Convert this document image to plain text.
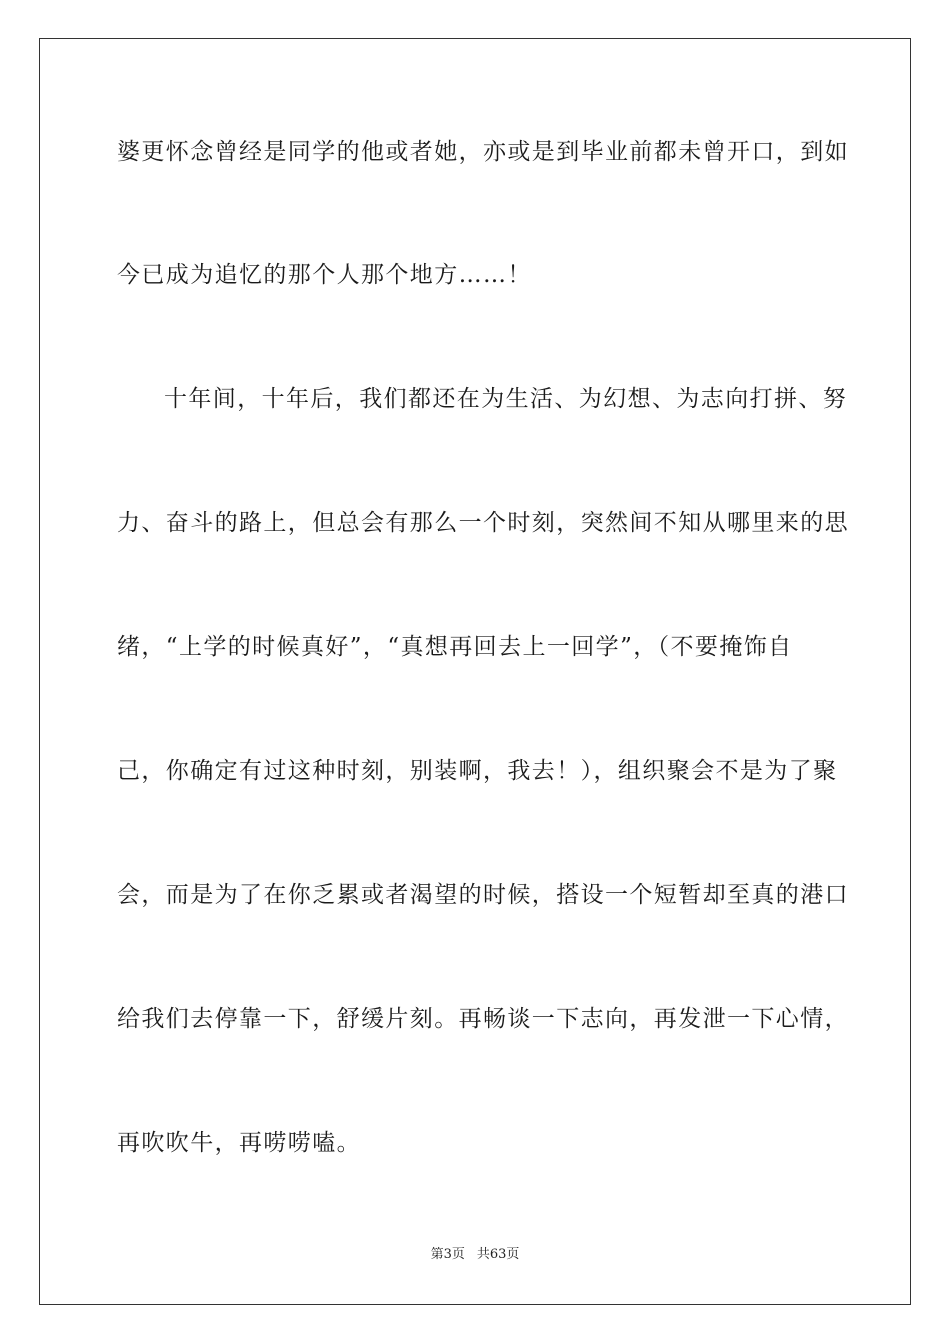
婆更怀念曾经是同学的他或者她，亦或是到毕业前都未曾开口，到如
今已成为追忆的那个人那个地方……！
十年间，十年后，我们都还在为生活、为幻想、为志向打拼、努
力、奋斗的路上，但总会有那么一个时刻，突然间不知从哪里来的思
绪，“上学的时候真好”，“真想再回去上一回学”，（不要掩饰自
己，你确定有过这种时刻，别装啊，我去！），组织聚会不是为了聚
会，而是为了在你乏累或者渴望的时候，搭设一个短暂却至真的港口
给我们去停靠一下，舒缓片刻。再畅谈一下志向，再发泄一下心情，
再吹吹牛，再唠唠嗑。
第3页 共63页
